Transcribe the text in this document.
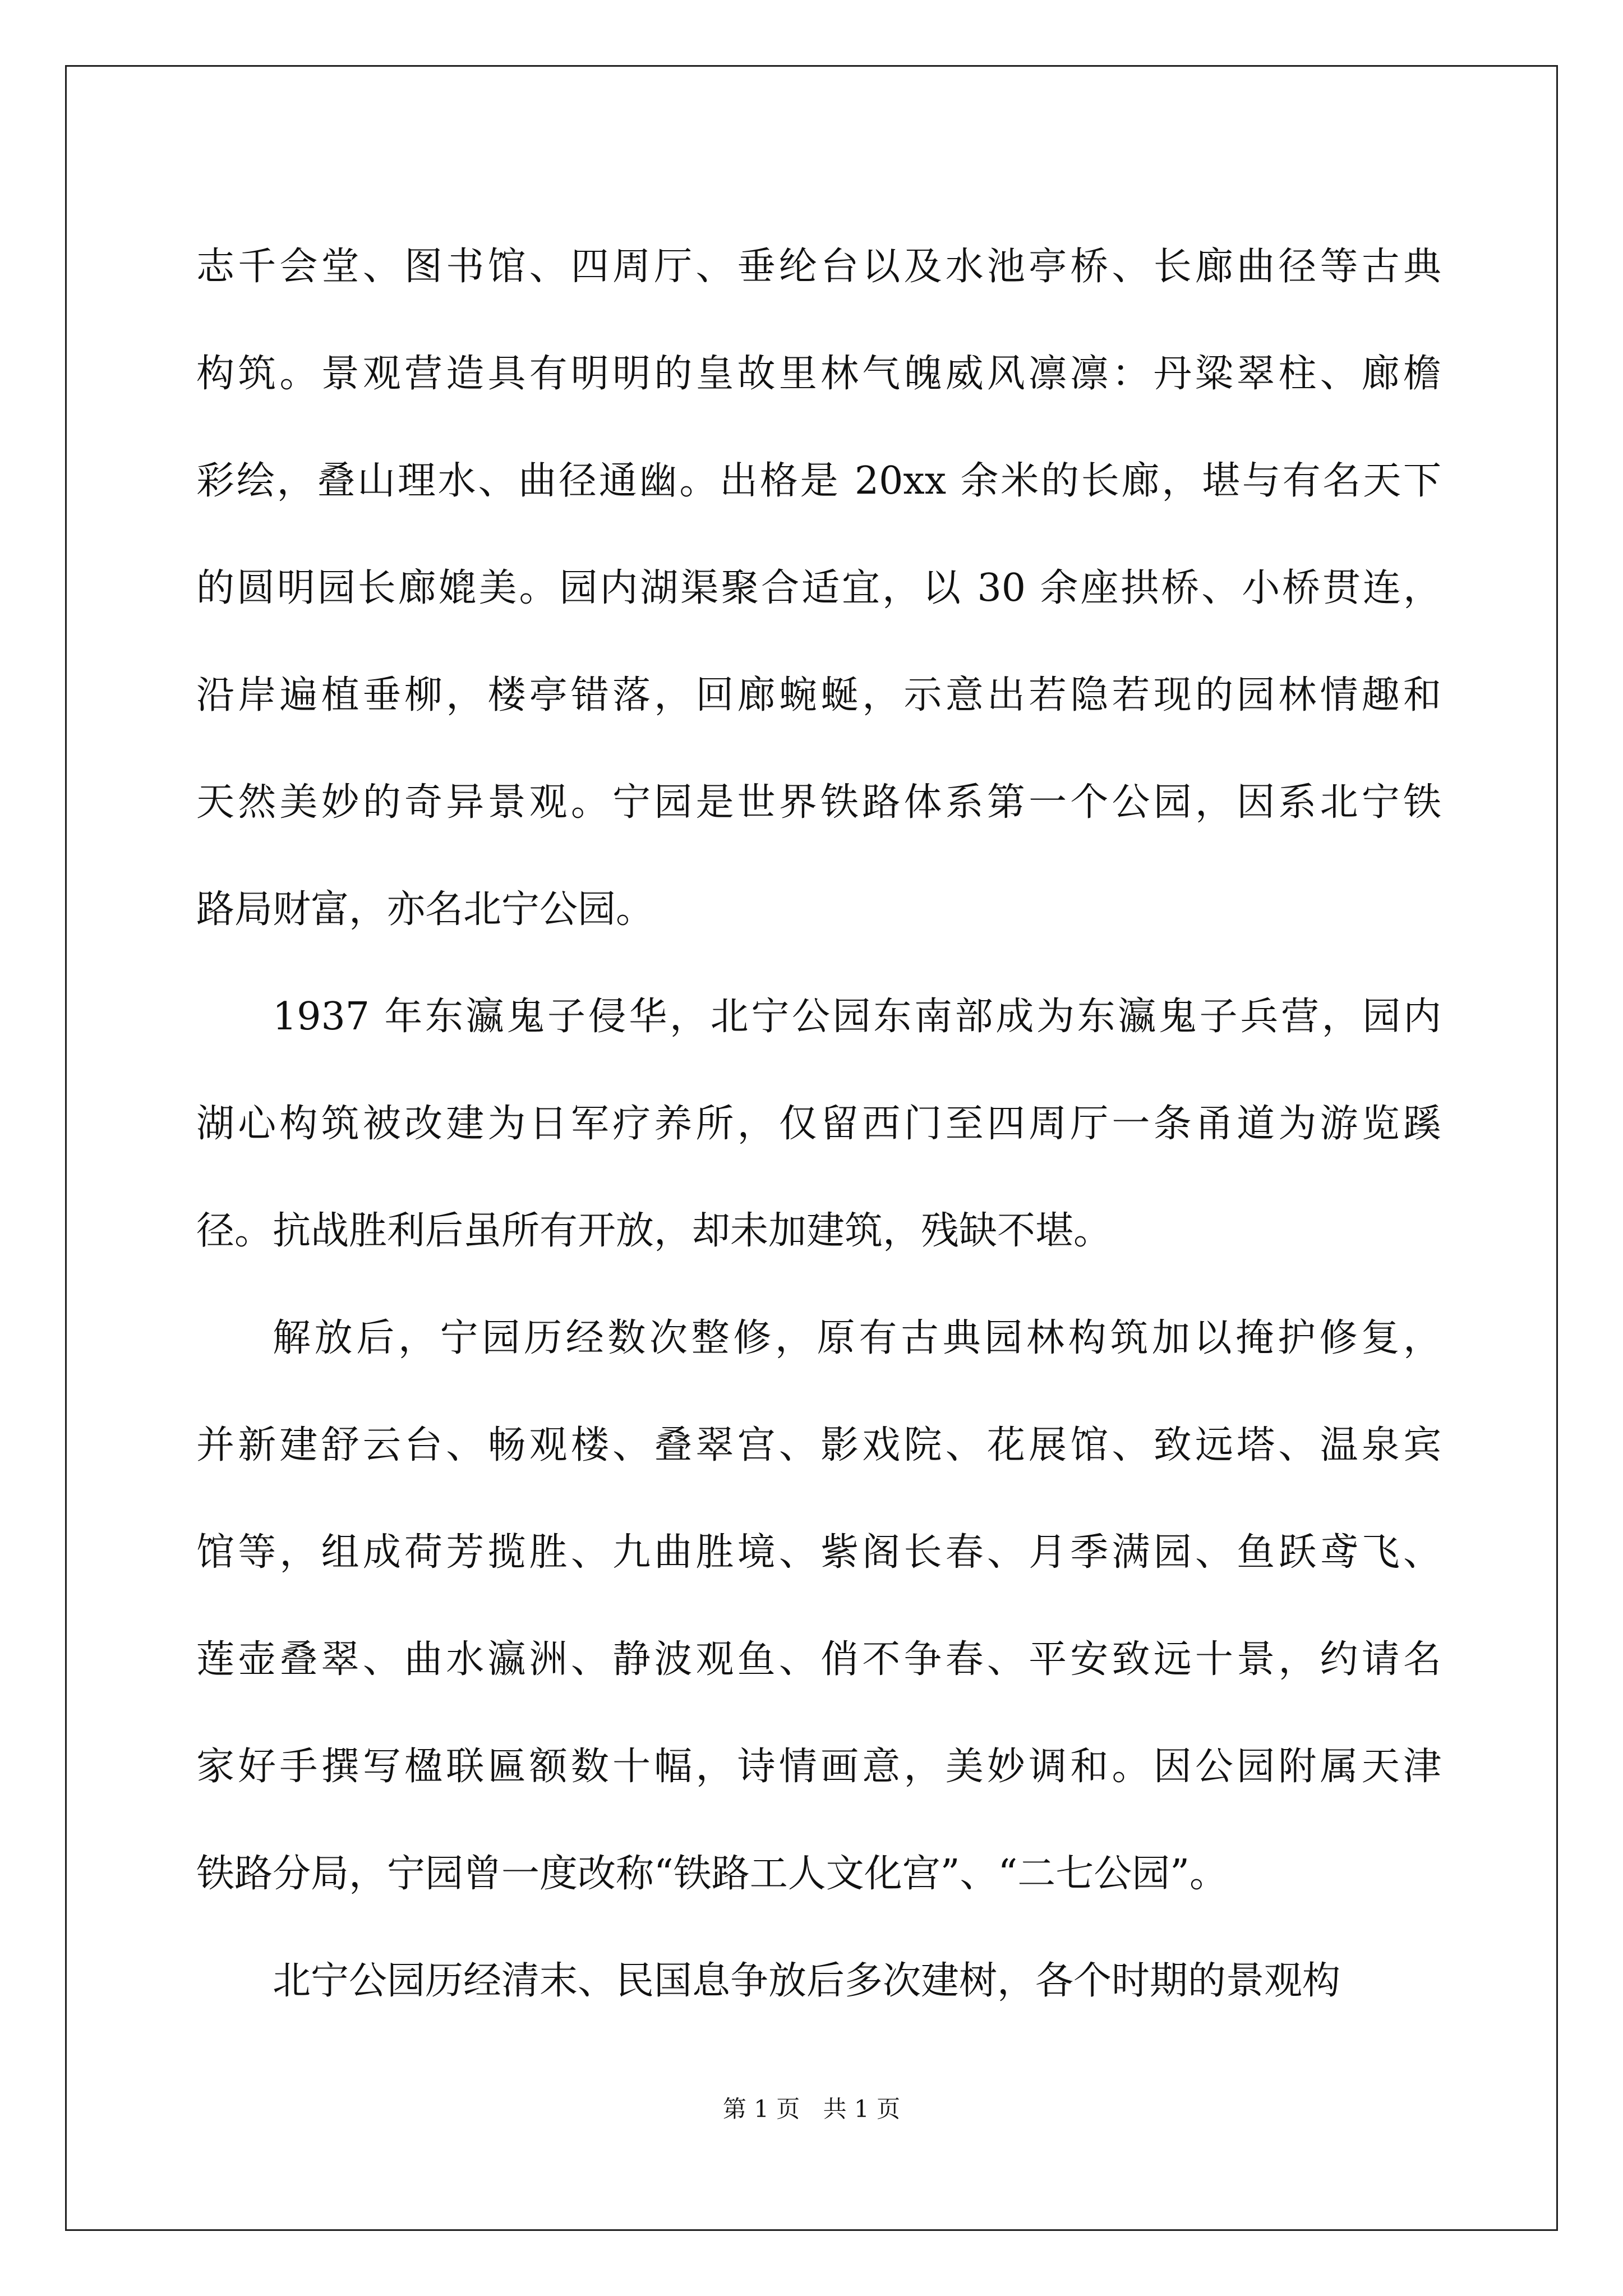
志千会堂、图书馆、四周厅、垂纶台以及水池亭桥、长廊曲径等古典
构筑。景观营造具有明明的皇故里林气魄威风凛凛：丹粱翠柱、廊檐
彩绘，叠山理水、曲径通幽。出格是 20xx 余米的长廊，堪与有名天下
的圆明园长廊媲美。园内湖渠聚合适宜，以 30 余座拱桥、小桥贯连，
沿岸遍植垂柳，楼亭错落，回廊蜿蜒，示意出若隐若现的园林情趣和
天然美妙的奇异景观。宁园是世界铁路体系第一个公园，因系北宁铁
路局财富，亦名北宁公园。
1937 年东瀛鬼子侵华，北宁公园东南部成为东瀛鬼子兵营，园内
湖心构筑被改建为日军疗养所，仅留西门至四周厅一条甬道为游览蹊
径。抗战胜利后虽所有开放，却未加建筑，残缺不堪。
解放后，宁园历经数次整修，原有古典园林构筑加以掩护修复，
并新建舒云台、畅观楼、叠翠宫、影戏院、花展馆、致远塔、温泉宾
馆等，组成荷芳揽胜、九曲胜境、紫阁长春、月季满园、鱼跃鸢飞、
莲壶叠翠、曲水瀛洲、静波观鱼、俏不争春、平安致远十景，约请名
家好手撰写楹联匾额数十幅，诗情画意，美妙调和。因公园附属天津
铁路分局，宁园曾一度改称“铁路工人文化宫”、“二七公园”。
北宁公园历经清末、民国息争放后多次建树，各个时期的景观构
第 1 页 共 1 页
